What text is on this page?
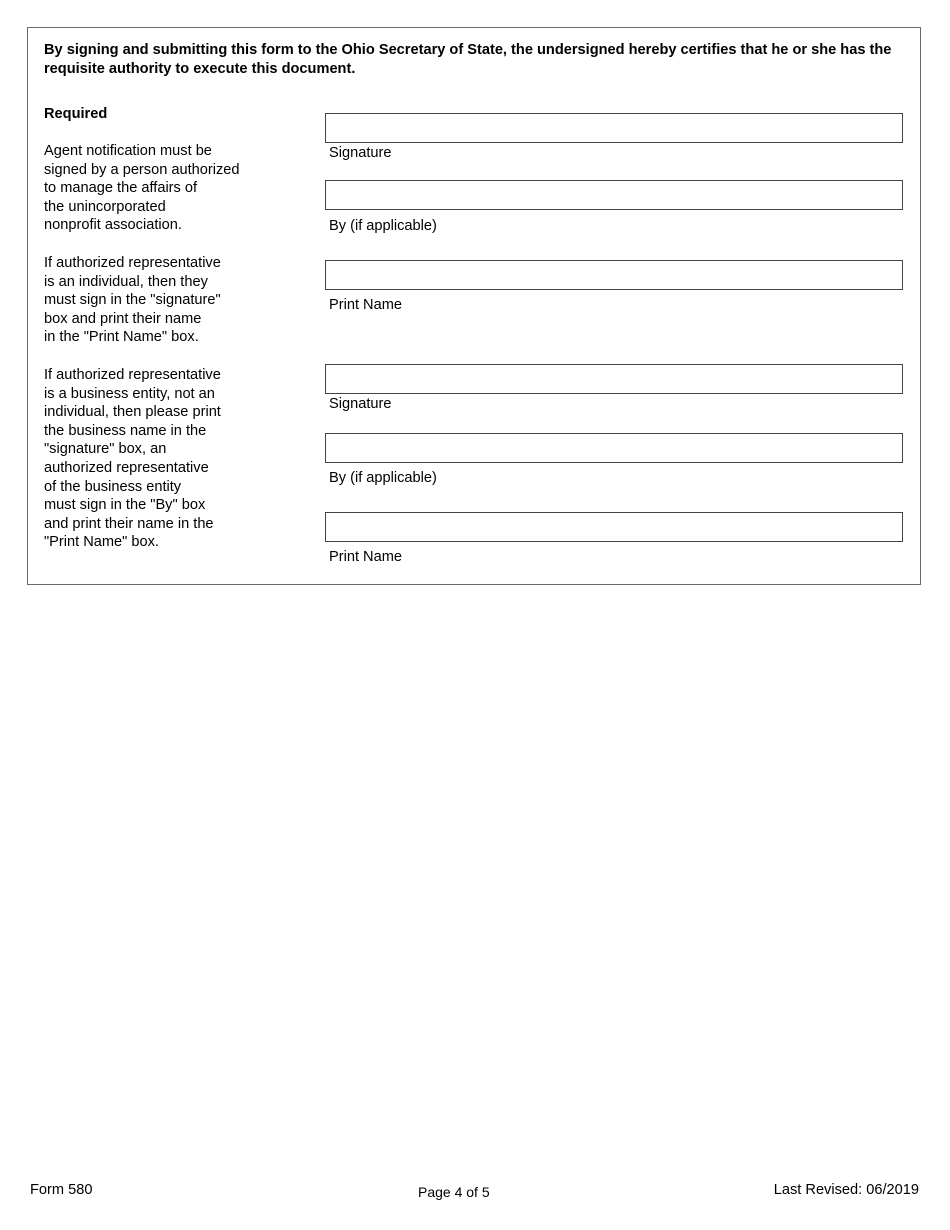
By signing and submitting this form to the Ohio Secretary of State, the undersigned hereby certifies that he or she has the requisite authority to execute this document.
Required
Agent notification must be
signed by a person authorized
to manage the affairs of
the unincorporated
nonprofit association.
If authorized representative
is an individual, then they
must sign in the "signature"
box and print their name
in the "Print Name" box.
If authorized representative
is a business entity, not an
individual, then please print
the business name in the
"signature" box, an
authorized representative
of the business entity
must sign in the "By" box
and print their name in the
"Print Name" box.
Signature
By (if applicable)
Print Name
Signature
By (if applicable)
Print Name
Form 580	Page 4 of 5	Last Revised: 06/2019
